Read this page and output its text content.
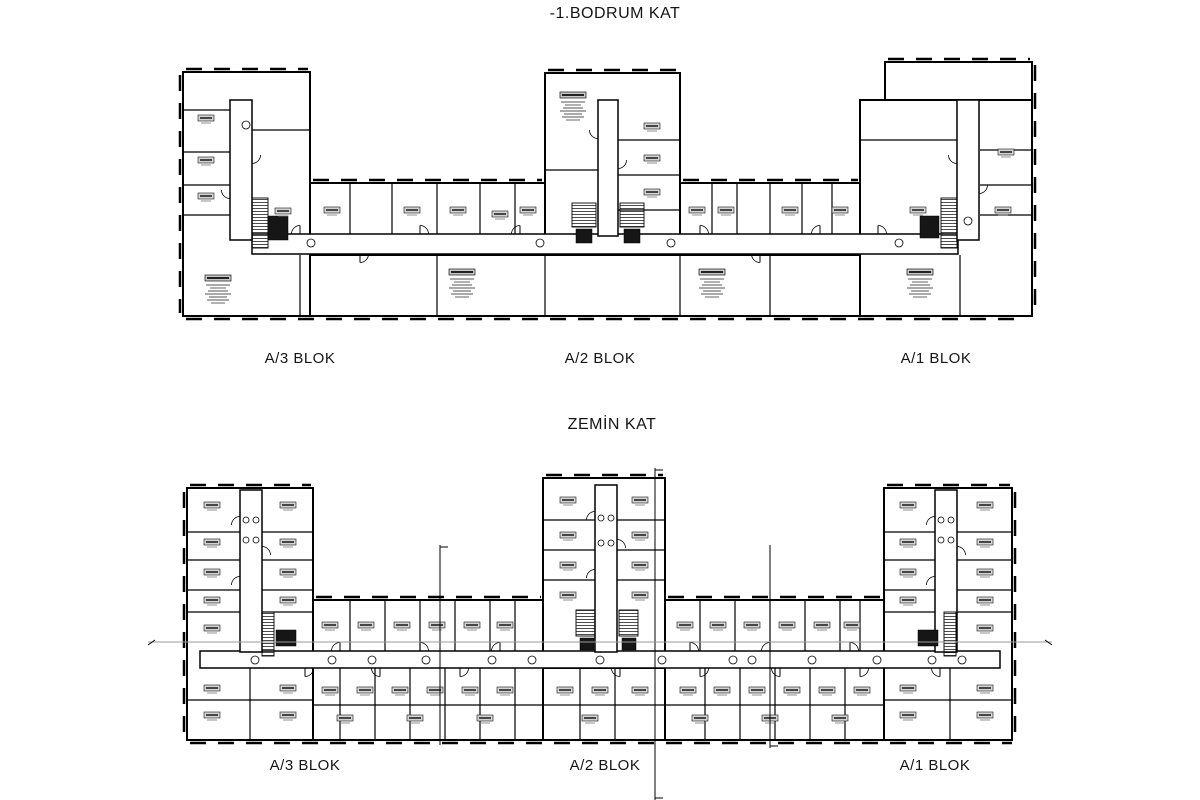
-1.BODRUM KAT
ZEMİN KAT
A/3 BLOK	A/2 BLOK	A/1 BLOK
A/3 BLOK	A/2 BLOK	A/1 BLOK
